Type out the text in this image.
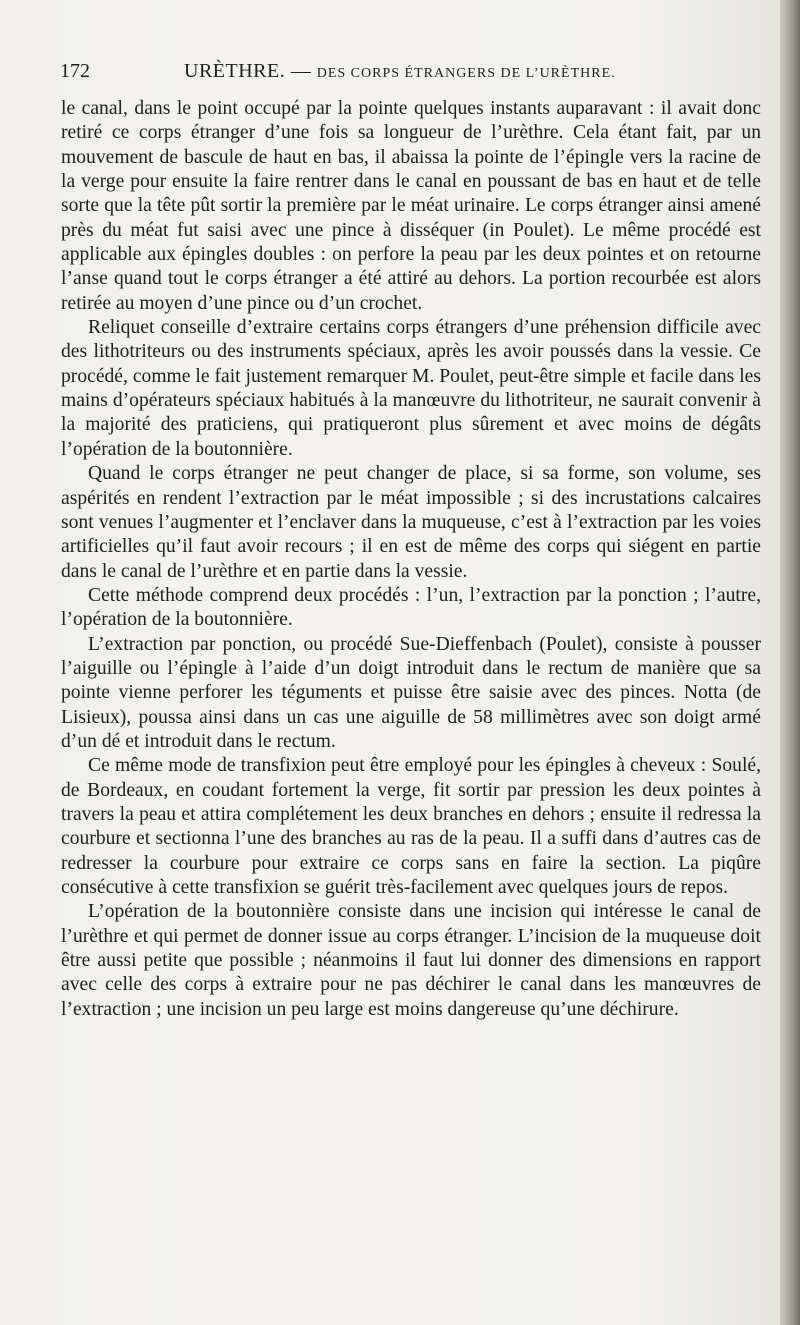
172	URÈTHRE. — DES CORPS ÉTRANGERS DE L’URÈTHRE.

le canal, dans le point occupé par la pointe quelques instants auparavant : il avait donc retiré ce corps étranger d’une fois sa longueur de l’urèthre. Cela étant fait, par un mouvement de bascule de haut en bas, il abaissa la pointe de l’épingle vers la racine de la verge pour ensuite la faire rentrer dans le canal en poussant de bas en haut et de telle sorte que la tête pût sortir la première par le méat urinaire. Le corps étranger ainsi amené près du méat fut saisi avec une pince à disséquer (in Poulet). Le même procédé est applicable aux épingles doubles : on perfore la peau par les deux pointes et on retourne l’anse quand tout le corps étranger a été attiré au dehors. La portion recourbée est alors retirée au moyen d’une pince ou d’un crochet.

Reliquet conseille d’extraire certains corps étrangers d’une préhension difficile avec des lithotriteurs ou des instruments spéciaux, après les avoir poussés dans la vessie. Ce procédé, comme le fait justement remarquer M. Poulet, peut-être simple et facile dans les mains d’opérateurs spéciaux habitués à la manœuvre du lithotriteur, ne saurait convenir à la majorité des praticiens, qui pratiqueront plus sûrement et avec moins de dégâts l’opération de la boutonnière.

Quand le corps étranger ne peut changer de place, si sa forme, son volume, ses aspérités en rendent l’extraction par le méat impossible ; si des incrustations calcaires sont venues l’augmenter et l’enclaver dans la muqueuse, c’est à l’extraction par les voies artificielles qu’il faut avoir recours ; il en est de même des corps qui siégent en partie dans le canal de l’urèthre et en partie dans la vessie.

Cette méthode comprend deux procédés : l’un, l’extraction par la ponction ; l’autre, l’opération de la boutonnière.

L’extraction par ponction, ou procédé Sue-Dieffenbach (Poulet), consiste à pousser l’aiguille ou l’épingle à l’aide d’un doigt introduit dans le rectum de manière que sa pointe vienne perforer les téguments et puisse être saisie avec des pinces. Notta (de Lisieux), poussa ainsi dans un cas une aiguille de 58 millimètres avec son doigt armé d’un dé et introduit dans le rectum.

Ce même mode de transfixion peut être employé pour les épingles à cheveux : Soulé, de Bordeaux, en coudant fortement la verge, fit sortir par pression les deux pointes à travers la peau et attira complétement les deux branches en dehors ; ensuite il redressa la courbure et sectionna l’une des branches au ras de la peau. Il a suffi dans d’autres cas de redresser la courbure pour extraire ce corps sans en faire la section. La piqûre consécutive à cette transfixion se guérit très-facilement avec quelques jours de repos.

L’opération de la boutonnière consiste dans une incision qui intéresse le canal de l’urèthre et qui permet de donner issue au corps étranger. L’incision de la muqueuse doit être aussi petite que possible ; néanmoins il faut lui donner des dimensions en rapport avec celle des corps à extraire pour ne pas déchirer le canal dans les manœuvres de l’extraction ; une incision un peu large est moins dangereuse qu’une déchirure.
